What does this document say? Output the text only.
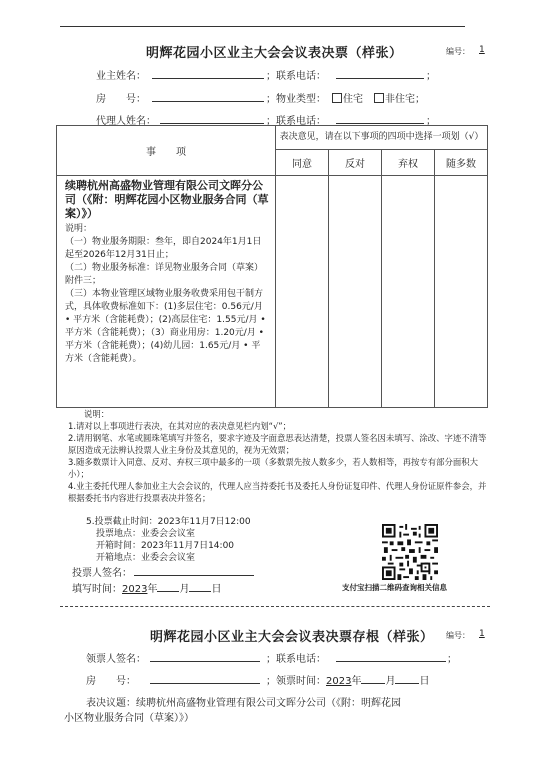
明辉花园小区业主大会会议表决票（样张）	编号： 1
业主姓名：	；联系电话：	；
房　　号：	；物业类型：	住宅	非住宅；
代理人姓名：	；联系电话：	；
事　　项	表决意见，请在以下事项的四项中选择一项划（√）			
	同意	反对	弃权	随多数

续聘杭州高盛物业管理有限公司文晖分公司（《附：明辉花园小区物业服务合同（草案）》）
说明：
（一）物业服务期限：叁年，即自2024年1月1日起至2026年12月31日止；
（二）物业服务标准：详见物业服务合同（草案）附件三；
（三）本物业管理区域物业服务收费采用包干制方式，具体收费标准如下：(1)多层住宅：0.56元/月 • 平方米（含能耗费）；(2)高层住宅：1.55元/月 •平方米（含能耗费）；（3）商业用房：1.20元/月 •平方米（含能耗费）；(4)幼儿园：1.65元/月 • 平方米（含能耗费）。				

说明：
1.请对以上事项进行表决，在其对应的表决意见栏内划“√”；
2.请用钢笔、水笔或圆珠笔填写并签名，要求字迹及字面意思表达清楚，投票人签名因未填写、涂改、字迹不清等原因造成无法辨认投票人业主身份及其意见的，视为无效票；
3.随多数票计入同意、反对、弃权三项中最多的一项（多数票先按人数多少，若人数相等，再按专有部分面积大小）；
4.业主委托代理人参加业主大会会议的，代理人应当持委托书及委托人身份证复印件、代理人身份证原件参会，并根据委托书内容进行投票表决并签名；
5.投票截止时间：2023年11月7日12:00
投票地点：业委会会议室
开箱时间：2023年11月7日14:00
开箱地点：业委会会议室
投票人签名：
填写时间：2023年 月 日	支付宝扫描二维码查询相关信息
明辉花园小区业主大会会议表决票存根（样张） 编号： 1
领票人签名：	；联系电话：	；
房　　号：	；领票时间：2023年 月 日
表决议题：续聘杭州高盛物业管理有限公司文晖分公司（《附：明辉花园
小区物业服务合同（草案）》）
